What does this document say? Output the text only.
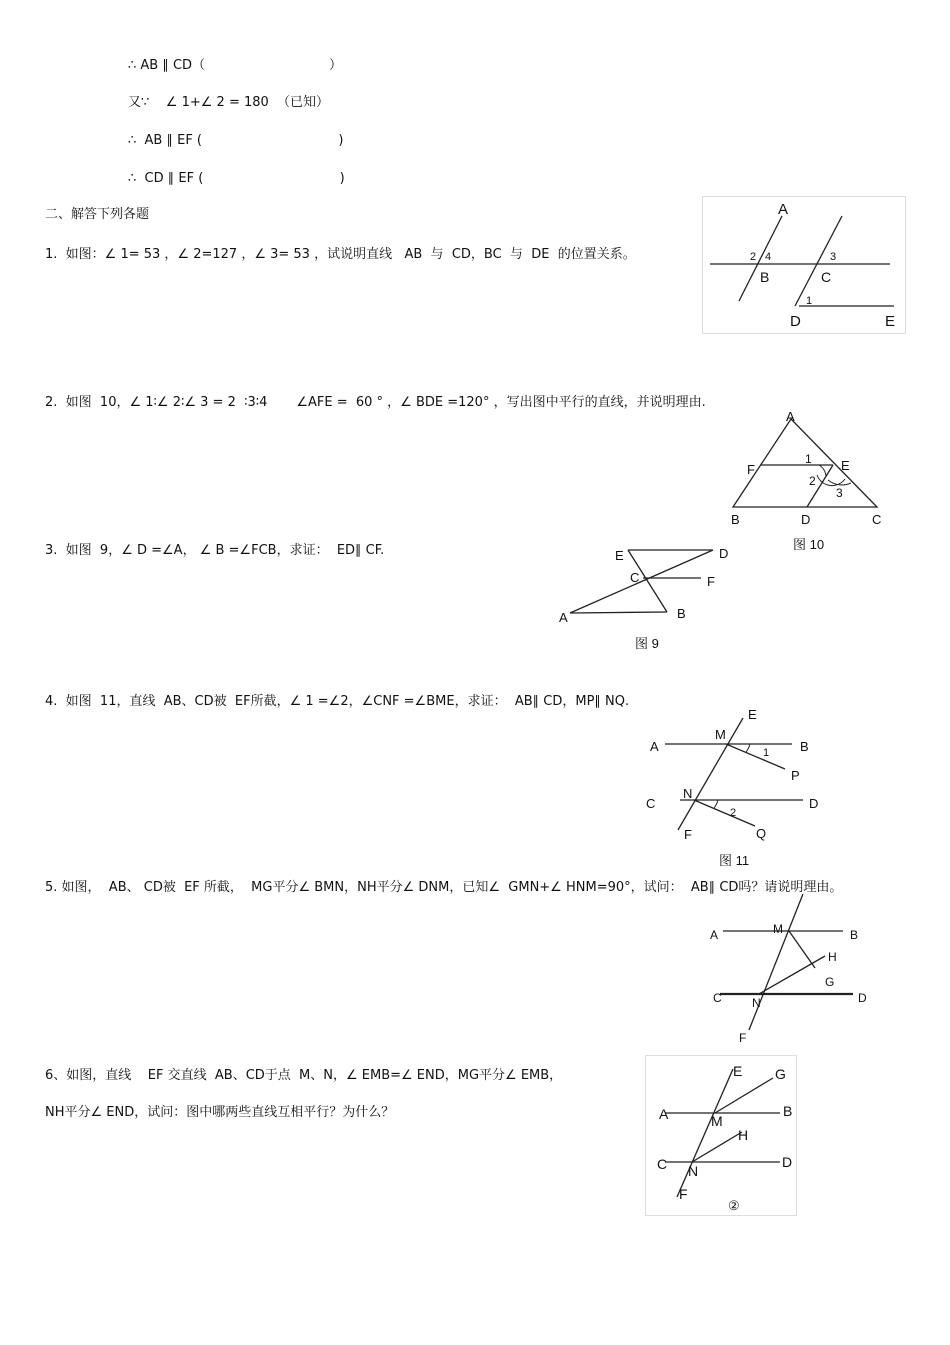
∴ AB ∥ CD（                              ）
又∵    ∠ 1+∠ 2 = 180  （已知）
∴  AB ∥ EF (                                 )
∴  CD ∥ EF (                                 )
二、解答下列各题
1.  如图：∠ 1= 53 ，∠ 2=127 ，∠ 3= 53 ，试说明直线   AB  与  CD，BC  与  DE  的位置关系。
2.  如图  10，∠ 1∶∠ 2∶∠ 3 = 2  ∶3∶4       ∠AFE =  60 ° ，∠ BDE =120° ，写出图中平行的直线，并说明理由.
3.  如图  9，∠ D =∠A， ∠ B =∠FCB，求证：  ED∥ CF.
4.  如图  11，直线  AB、CD被  EF所截，∠ 1 =∠2，∠CNF =∠BME，求证：  AB∥ CD，MP∥ NQ.
5. 如图，  AB、 CD被  EF 所截，  MG平分∠ BMN，NH平分∠ DNM，已知∠  GMN+∠ HNM=90°，试问：  AB∥ CD吗？请说明理由。
6、如图，直线    EF 交直线  AB、CD于点  M、N，∠ EMB=∠ END，MG平分∠ EMB，
NH平分∠ END，试问：图中哪两些直线互相平行？为什么？
A
B	C
D	E
2 4	3
1
A
F	E
B	D	C
1
2
3
图 10
E	D
C	F
A	B
图 9
E
A
M
B
1
P
C
N
D
2
F	Q
图 11
A	M	B
H
G
C	N	D
F
E G
A	B
M
H
C	D
N
F
②
